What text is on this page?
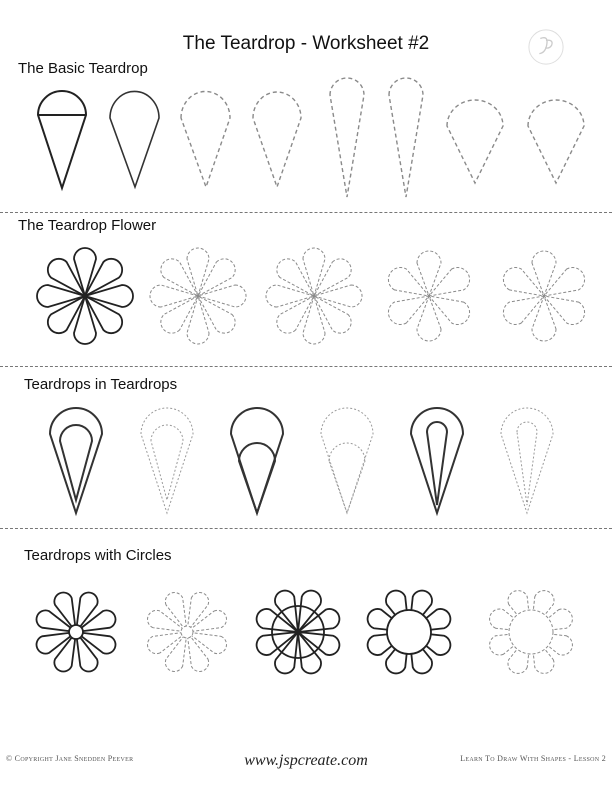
The Teardrop - Worksheet #2
The Basic Teardrop
The Teardrop Flower
Teardrops in Teardrops
Teardrops with Circles
© Copyright Jane Snedden Peever	www.jspcreate.com	Learn To Draw With Shapes - Lesson 2
